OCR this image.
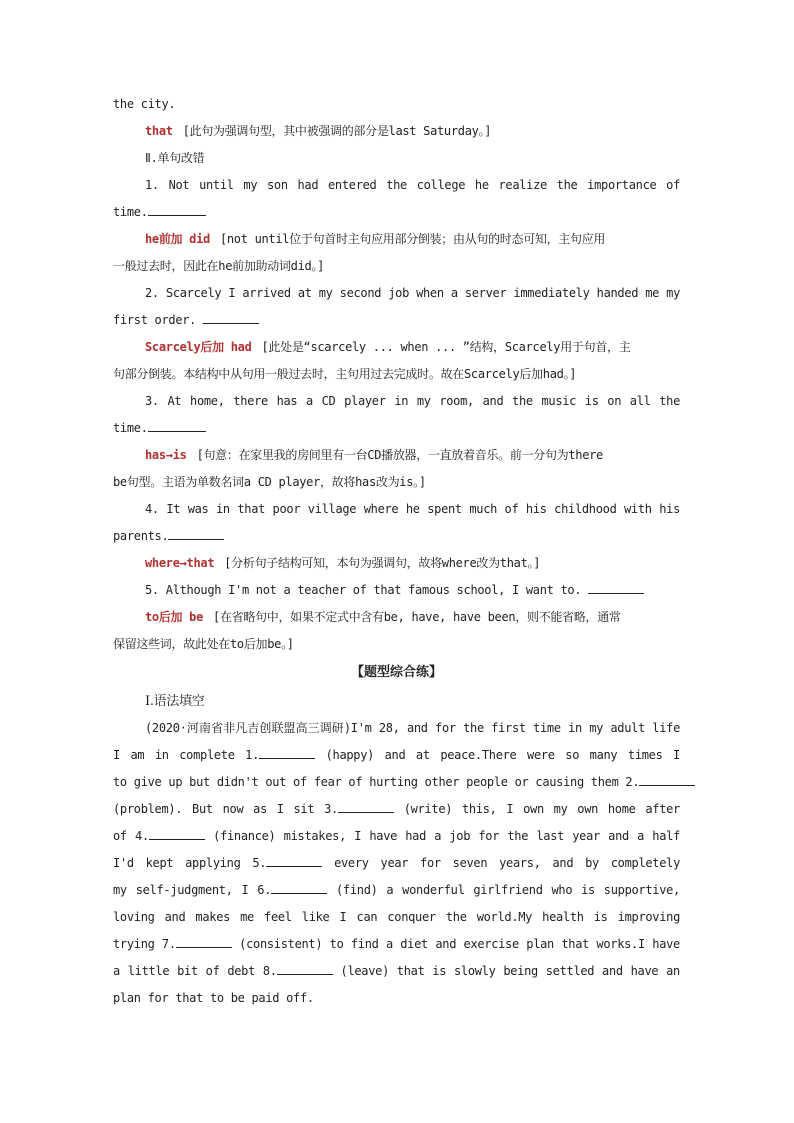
the city.
that [此句为强调句型，其中被强调的部分是last Saturday。]
Ⅱ.单句改错
1. Not until my son had entered the college he realize the importance of
time.
he前加 did [not until位于句首时主句应用部分倒装；由从句的时态可知，主句应用
一般过去时，因此在he前加助动词did。]
2. Scarcely I arrived at my second job when a server immediately handed me my
first order.
Scarcely后加 had [此处是“scarcely ... when ... ”结构，Scarcely用于句首，主
句部分倒装。本结构中从句用一般过去时，主句用过去完成时。故在Scarcely后加had。]
3. At home, there has a CD player in my room, and the music is on all the
time.
has→is [句意：在家里我的房间里有一台CD播放器，一直放着音乐。前一分句为there
be句型。主语为单数名词a CD player，故将has改为is。]
4. It was in that poor village where he spent much of his childhood with his
parents.
where→that [分析句子结构可知，本句为强调句，故将where改为that。]
5. Although I'm not a teacher of that famous school, I want to.
to后加 be [在省略句中，如果不定式中含有be, have, have been，则不能省略，通常
保留这些词，故此处在to后加be。]
【题型综合练】
Ⅰ.语法填空
(2020·河南省非凡吉创联盟高三调研)I'm 28, and for the first time in my adult life
I am in complete 1.	(happy) and at peace.There were so many times I
to give up but didn't out of fear of hurting other people or causing them 2.
(problem). But now as I sit 3.	(write) this, I own my own home after
of 4.	(finance) mistakes, I have had a job for the last year and a half
I'd kept applying 5.	every year for seven years, and by completely
my self-judgment, I 6.	(find) a wonderful girlfriend who is supportive,
loving and makes me feel like I can conquer the world.My health is improving
trying 7.	(consistent) to find a diet and exercise plan that works.I have
a little bit of debt 8.	(leave) that is slowly being settled and have an
plan for that to be paid off.
